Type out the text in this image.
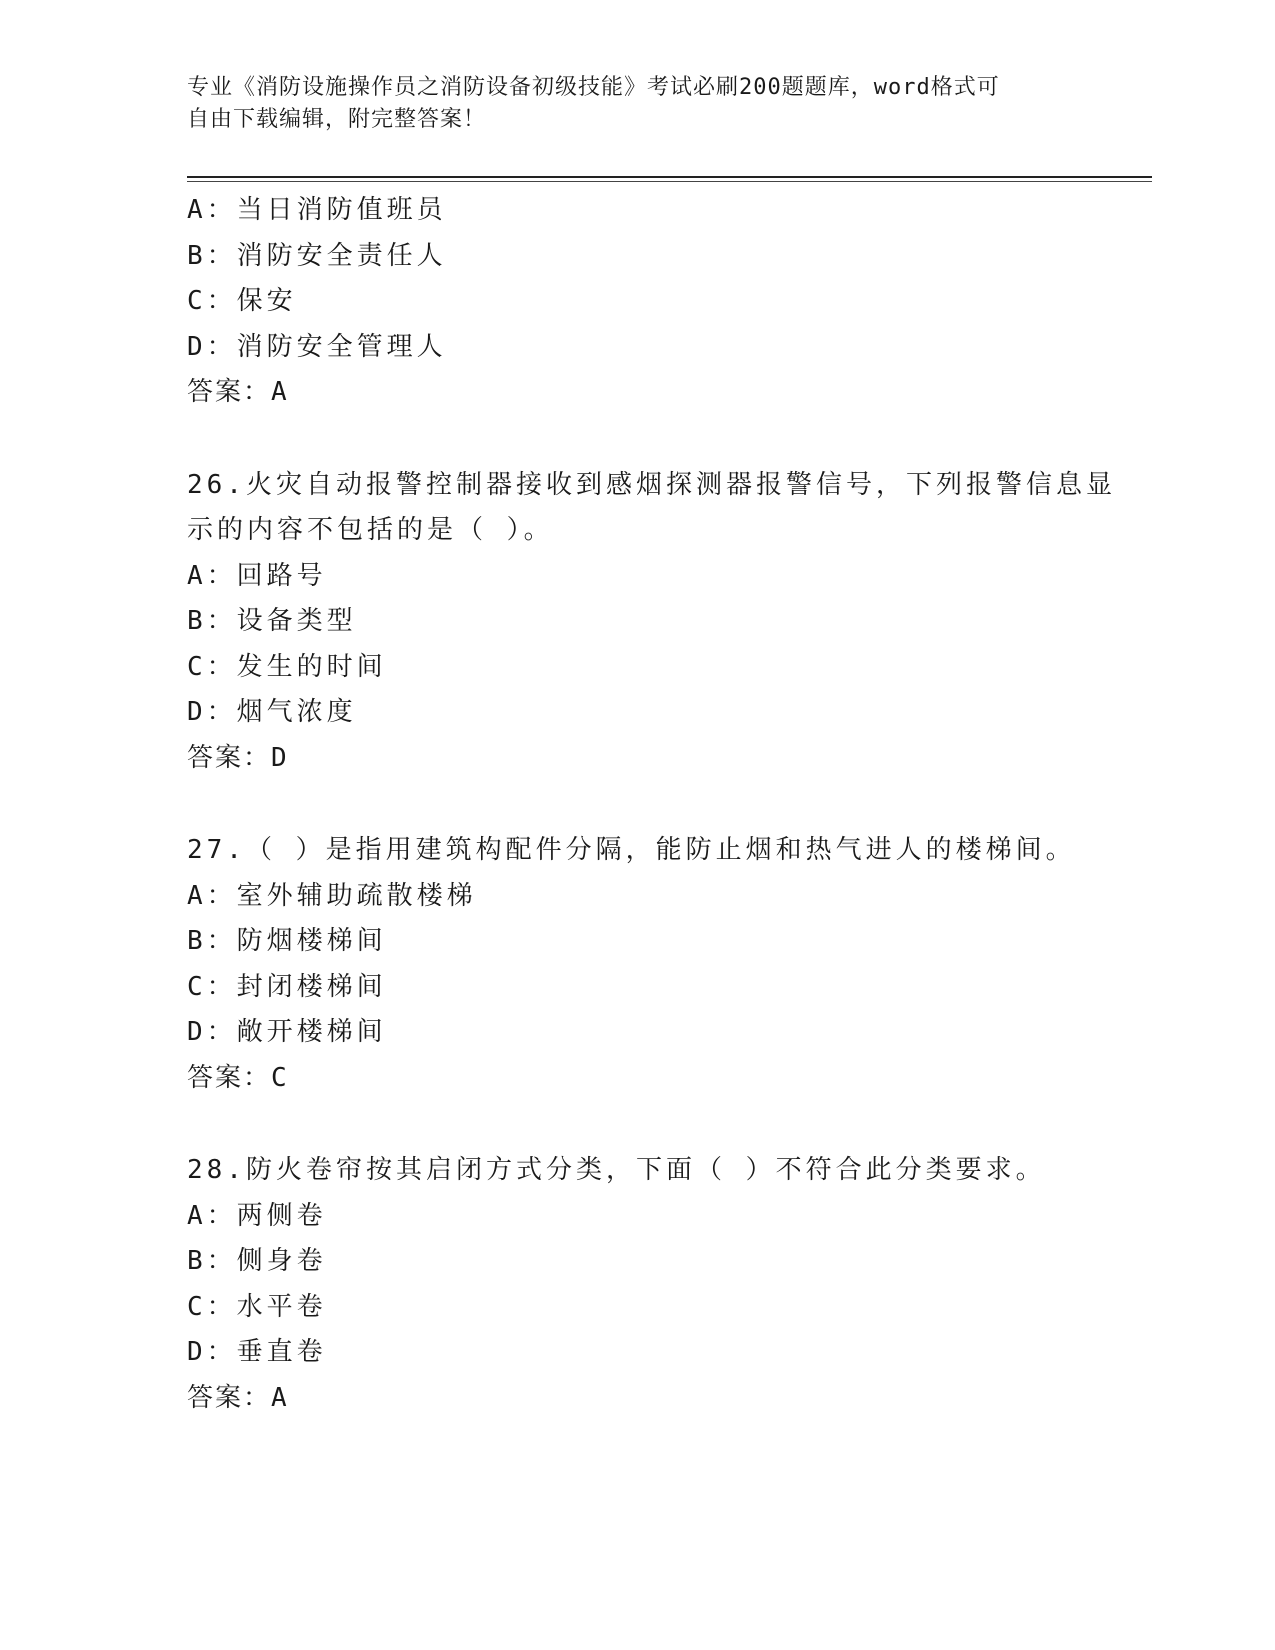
专业《消防设施操作员之消防设备初级技能》考试必刷200题题库，word格式可
自由下载编辑，附完整答案！
A：当日消防值班员
B：消防安全责任人
C：保安
D：消防安全管理人
答案：A
26.火灾自动报警控制器接收到感烟探测器报警信号，下列报警信息显
示的内容不包括的是（ ）。
A：回路号
B：设备类型
C：发生的时间
D：烟气浓度
答案：D
27.（ ）是指用建筑构配件分隔，能防止烟和热气进人的楼梯间。
A：室外辅助疏散楼梯
B：防烟楼梯间
C：封闭楼梯间
D：敞开楼梯间
答案：C
28.防火卷帘按其启闭方式分类，下面（ ）不符合此分类要求。
A：两侧卷
B：侧身卷
C：水平卷
D：垂直卷
答案：A
